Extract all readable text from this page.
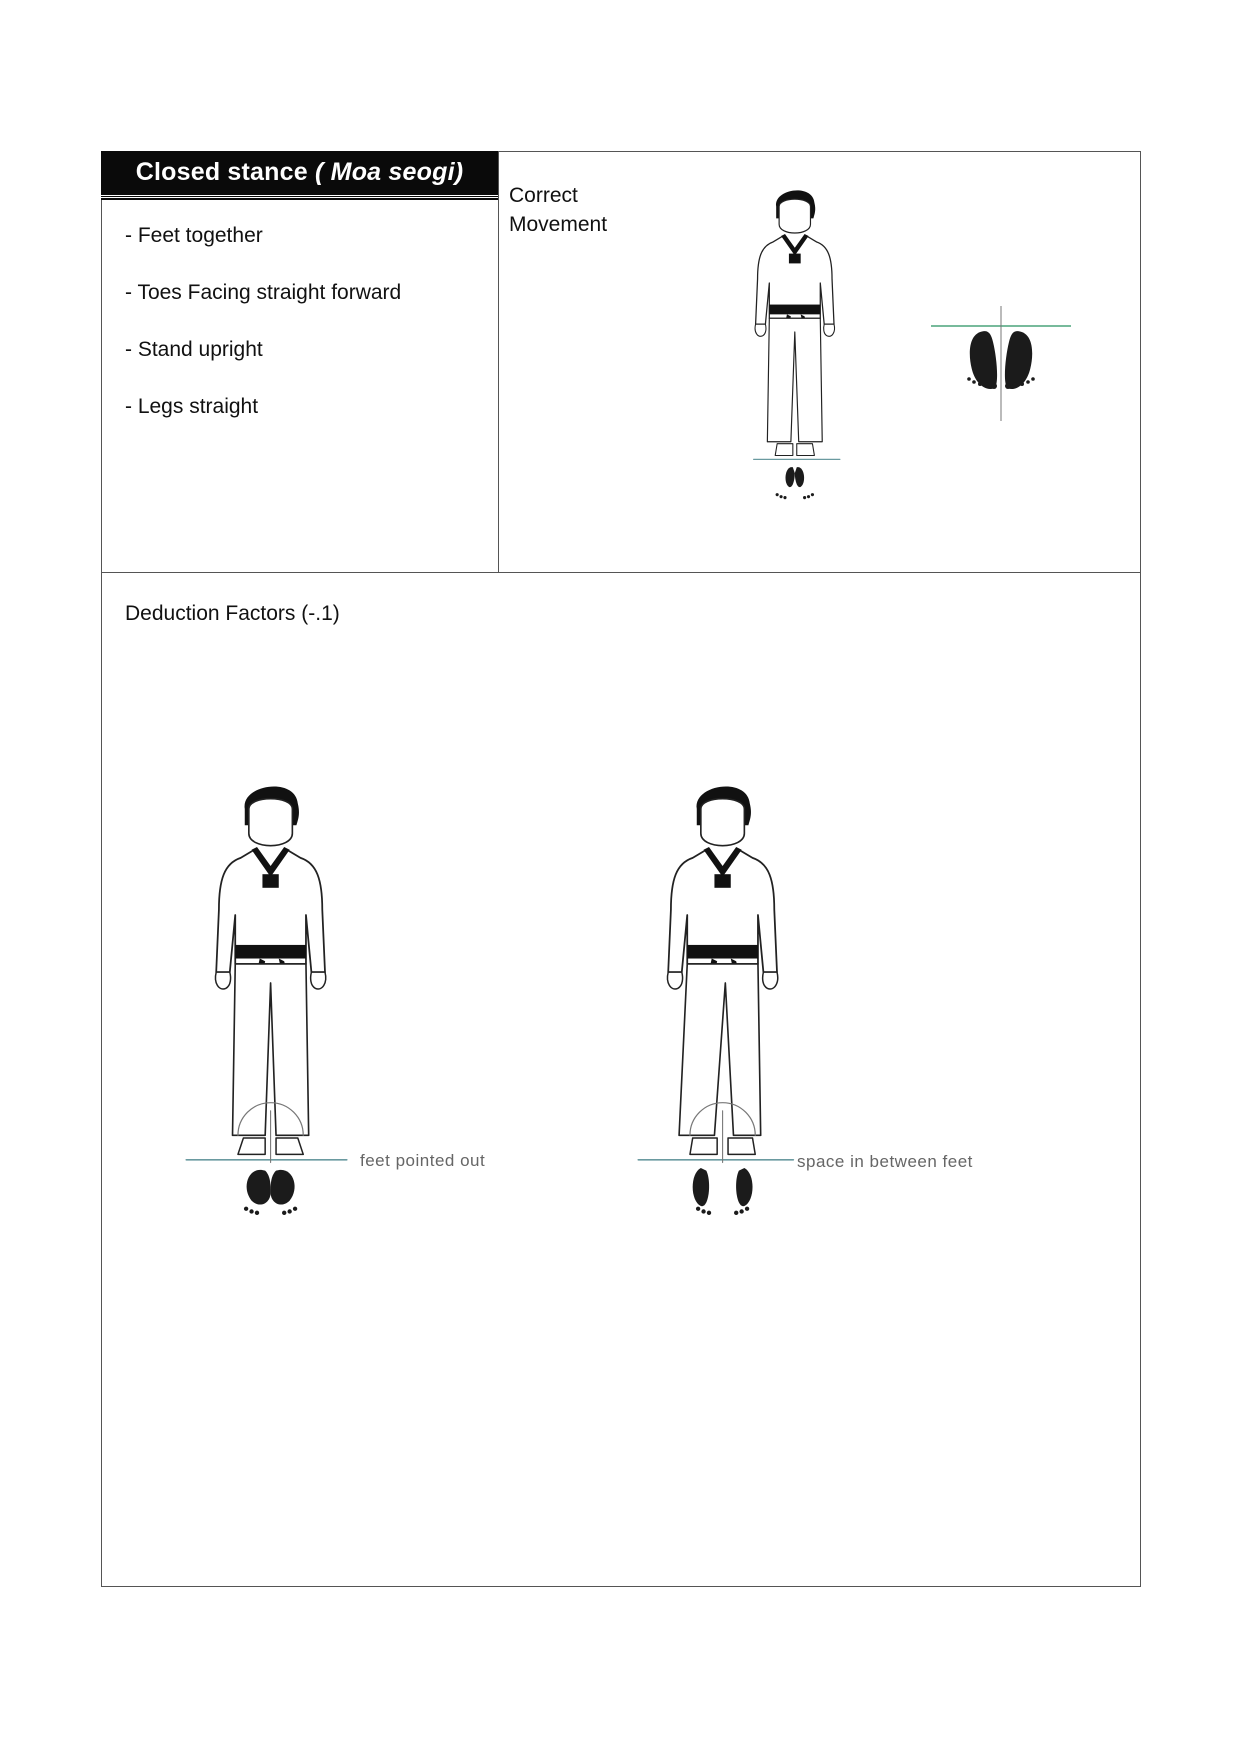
Closed stance ( Moa seogi)
- Feet together
- Toes Facing straight forward
- Stand upright
- Legs straight
Correct
Movement
Deduction Factors (-.1)
feet pointed out	space in between feet
